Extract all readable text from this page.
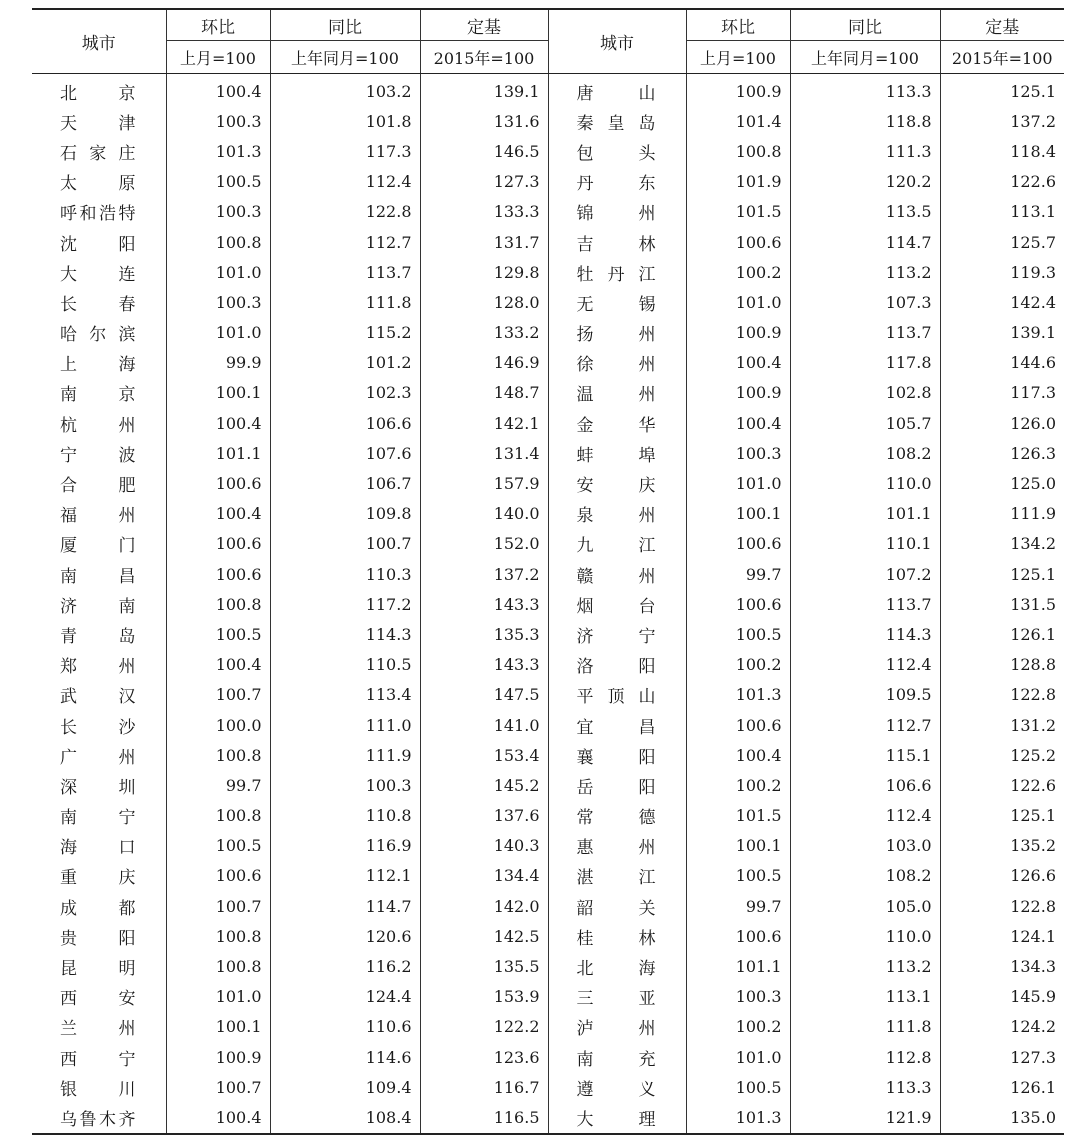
城市	环比	同比	定基	城市	环比	同比	定基
	上月=100	上年同月=100	2015年=100		上月=100	上年同月=100	2015年=100
北　京	100.4	103.2	139.1	唐　山	100.9	113.3	125.1
天　津	100.3	101.8	131.6	秦皇岛	101.4	118.8	137.2
石家庄	101.3	117.3	146.5	包　头	100.8	111.3	118.4
太　原	100.5	112.4	127.3	丹　东	101.9	120.2	122.6
呼和浩特	100.3	122.8	133.3	锦　州	101.5	113.5	113.1
沈　阳	100.8	112.7	131.7	吉　林	100.6	114.7	125.7
大　连	101.0	113.7	129.8	牡丹江	100.2	113.2	119.3
长　春	100.3	111.8	128.0	无　锡	101.0	107.3	142.4
哈尔滨	101.0	115.2	133.2	扬　州	100.9	113.7	139.1
上　海	99.9	101.2	146.9	徐　州	100.4	117.8	144.6
南　京	100.1	102.3	148.7	温　州	100.9	102.8	117.3
杭　州	100.4	106.6	142.1	金　华	100.4	105.7	126.0
宁　波	101.1	107.6	131.4	蚌　埠	100.3	108.2	126.3
合　肥	100.6	106.7	157.9	安　庆	101.0	110.0	125.0
福　州	100.4	109.8	140.0	泉　州	100.1	101.1	111.9
厦　门	100.6	100.7	152.0	九　江	100.6	110.1	134.2
南　昌	100.6	110.3	137.2	赣　州	99.7	107.2	125.1
济　南	100.8	117.2	143.3	烟　台	100.6	113.7	131.5
青　岛	100.5	114.3	135.3	济　宁	100.5	114.3	126.1
郑　州	100.4	110.5	143.3	洛　阳	100.2	112.4	128.8
武　汉	100.7	113.4	147.5	平顶山	101.3	109.5	122.8
长　沙	100.0	111.0	141.0	宜　昌	100.6	112.7	131.2
广　州	100.8	111.9	153.4	襄　阳	100.4	115.1	125.2
深　圳	99.7	100.3	145.2	岳　阳	100.2	106.6	122.6
南　宁	100.8	110.8	137.6	常　德	101.5	112.4	125.1
海　口	100.5	116.9	140.3	惠　州	100.1	103.0	135.2
重　庆	100.6	112.1	134.4	湛　江	100.5	108.2	126.6
成　都	100.7	114.7	142.0	韶　关	99.7	105.0	122.8
贵　阳	100.8	120.6	142.5	桂　林	100.6	110.0	124.1
昆　明	100.8	116.2	135.5	北　海	101.1	113.2	134.3
西　安	101.0	124.4	153.9	三　亚	100.3	113.1	145.9
兰　州	100.1	110.6	122.2	泸　州	100.2	111.8	124.2
西　宁	100.9	114.6	123.6	南　充	101.0	112.8	127.3
银　川	100.7	109.4	116.7	遵　义	100.5	113.3	126.1
乌鲁木齐	100.4	108.4	116.5	大　理	101.3	121.9	135.0
